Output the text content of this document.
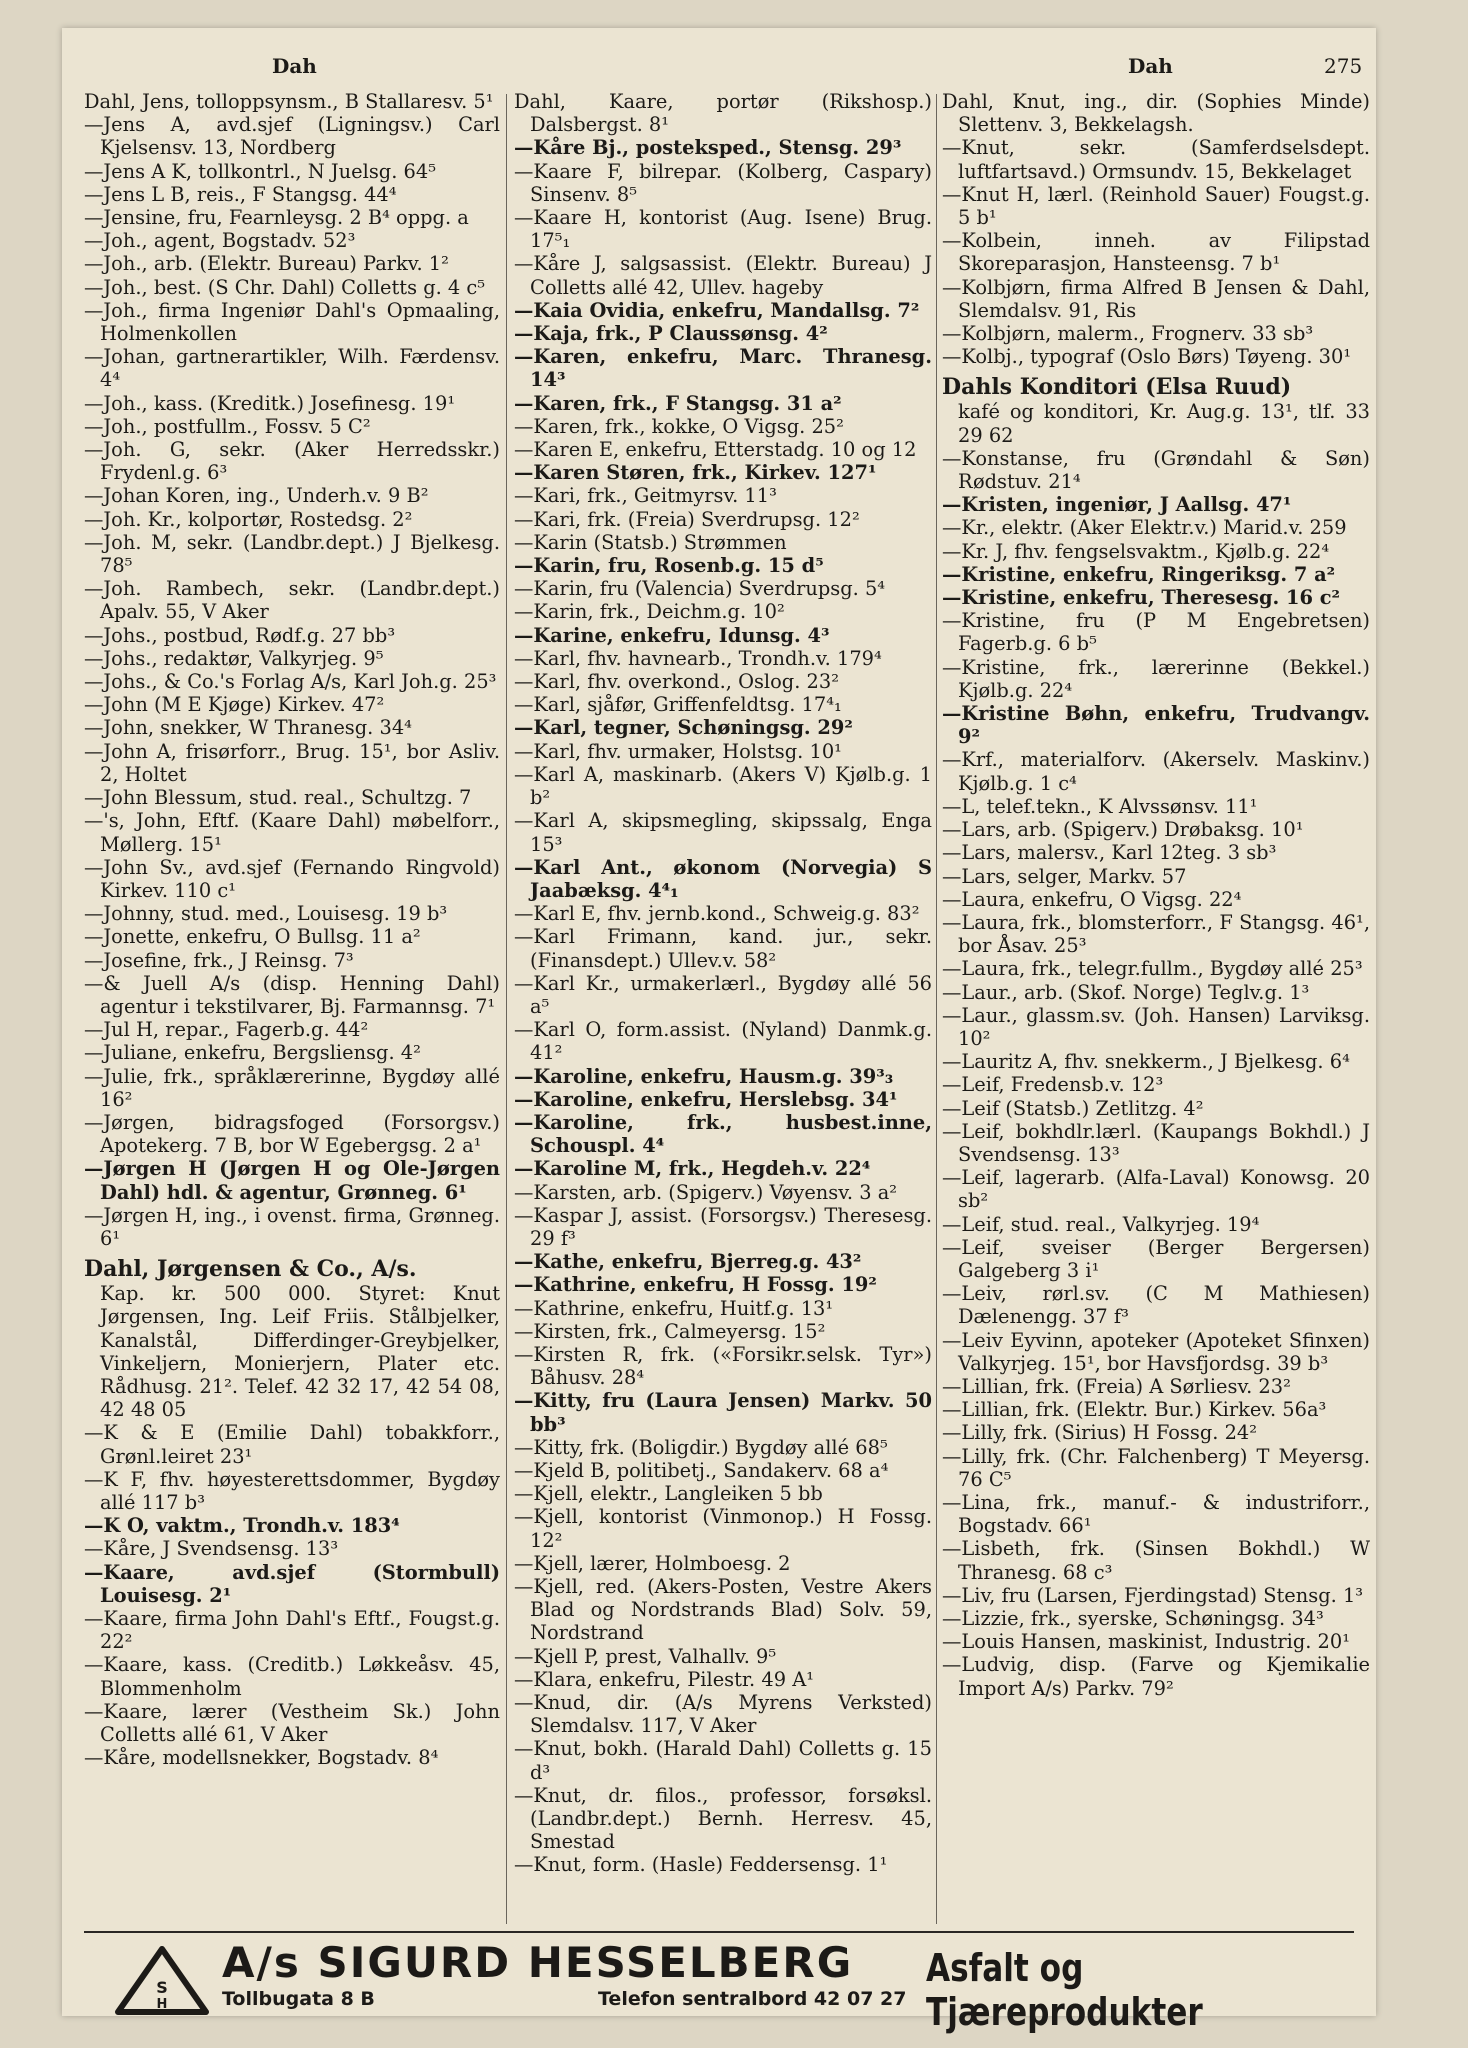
Dah	Dah	275
Dahl, Jens, tolloppsynsm., B Stallaresv. 5¹
—Jens A, avd.sjef (Ligningsv.) Carl Kjelsensv. 13, Nordberg
—Jens A K, tollkontrl., N Juelsg. 64⁵
—Jens L B, reis., F Stangsg. 44⁴
—Jensine, fru, Fearnleysg. 2 B⁴ oppg. a
—Joh., agent, Bogstadv. 52³
—Joh., arb. (Elektr. Bureau) Parkv. 1²
—Joh., best. (S Chr. Dahl) Colletts g. 4 c⁵
—Joh., firma Ingeniør Dahl's Opmaaling, Holmenkollen
—Johan, gartnerartikler, Wilh. Færdensv. 4⁴
—Joh., kass. (Kreditk.) Josefinesg. 19¹
—Joh., postfullm., Fossv. 5 C²
—Joh. G, sekr. (Aker Herredsskr.) Frydenl.g. 6³
—Johan Koren, ing., Underh.v. 9 B²
—Joh. Kr., kolportør, Rostedsg. 2²
—Joh. M, sekr. (Landbr.dept.) J Bjelkesg. 78⁵
—Joh. Rambech, sekr. (Landbr.dept.) Apalv. 55, V Aker
—Johs., postbud, Rødf.g. 27 bb³
—Johs., redaktør, Valkyrjeg. 9⁵
—Johs., & Co.'s Forlag A/s, Karl Joh.g. 25³
—John (M E Kjøge) Kirkev. 47²
—John, snekker, W Thranesg. 34⁴
—John A, frisørforr., Brug. 15¹, bor Asliv. 2, Holtet
—John Blessum, stud. real., Schultzg. 7
—'s, John, Eftf. (Kaare Dahl) møbelforr., Møllerg. 15¹
—John Sv., avd.sjef (Fernando Ringvold) Kirkev. 110 c¹
—Johnny, stud. med., Louisesg. 19 b³
—Jonette, enkefru, O Bullsg. 11 a²
—Josefine, frk., J Reinsg. 7³
—& Juell A/s (disp. Henning Dahl) agentur i tekstilvarer, Bj. Farmannsg. 7¹
—Jul H, repar., Fagerb.g. 44²
—Juliane, enkefru, Bergsliensg. 4²
—Julie, frk., språklærerinne, Bygdøy allé 16²
—Jørgen, bidragsfoged (Forsorgsv.) Apotekerg. 7 B, bor W Egebergsg. 2 a¹
—Jørgen H (Jørgen H og Ole-Jørgen Dahl) hdl. & agentur, Grønneg. 6¹
—Jørgen H, ing., i ovenst. firma, Grønneg. 6¹
Dahl, Jørgensen & Co., A/s.
Kap. kr. 500 000. Styret: Knut Jørgensen, Ing. Leif Friis. Stålbjelker, Kanalstål, Differdinger-Greybjelker, Vinkeljern, Monierjern, Plater etc. Rådhusg. 21². Telef. 42 32 17, 42 54 08, 42 48 05
—K & E (Emilie Dahl) tobakkforr., Grønl.leiret 23¹
—K F, fhv. høyesterettsdommer, Bygdøy allé 117 b³
—K O, vaktm., Trondh.v. 183⁴
—Kåre, J Svendsensg. 13³
—Kaare, avd.sjef (Stormbull) Louisesg. 2¹
—Kaare, firma John Dahl's Eftf., Fougst.g. 22²
—Kaare, kass. (Creditb.) Løkkeåsv. 45, Blommenholm
—Kaare, lærer (Vestheim Sk.) John Colletts allé 61, V Aker
—Kåre, modellsnekker, Bogstadv. 8⁴
Dahl, Kaare, portør (Rikshosp.) Dalsbergst. 8¹
—Kåre Bj., posteksped., Stensg. 29³
—Kaare F, bilrepar. (Kolberg, Caspary) Sinsenv. 8⁵
—Kaare H, kontorist (Aug. Isene) Brug. 17⁵₁
—Kåre J, salgsassist. (Elektr. Bureau) J Colletts allé 42, Ullev. hageby
—Kaia Ovidia, enkefru, Mandallsg. 7²
—Kaja, frk., P Claussønsg. 4²
—Karen, enkefru, Marc. Thranesg. 14³
—Karen, frk., F Stangsg. 31 a²
—Karen, frk., kokke, O Vigsg. 25²
—Karen E, enkefru, Etterstadg. 10 og 12
—Karen Støren, frk., Kirkev. 127¹
—Kari, frk., Geitmyrsv. 11³
—Kari, frk. (Freia) Sverdrupsg. 12²
—Karin (Statsb.) Strømmen
—Karin, fru, Rosenb.g. 15 d⁵
—Karin, fru (Valencia) Sverdrupsg. 5⁴
—Karin, frk., Deichm.g. 10²
—Karine, enkefru, Idunsg. 4³
—Karl, fhv. havnearb., Trondh.v. 179⁴
—Karl, fhv. overkond., Oslog. 23²
—Karl, sjåfør, Griffenfeldtsg. 17⁴₁
—Karl, tegner, Schøningsg. 29²
—Karl, fhv. urmaker, Holstsg. 10¹
—Karl A, maskinarb. (Akers V) Kjølb.g. 1 b²
—Karl A, skipsmegling, skipssalg, Enga 15³
—Karl Ant., økonom (Norvegia) S Jaabæksg. 4⁴₁
—Karl E, fhv. jernb.kond., Schweig.g. 83²
—Karl Frimann, kand. jur., sekr. (Finansdept.) Ullev.v. 58²
—Karl Kr., urmakerlærl., Bygdøy allé 56 a⁵
—Karl O, form.assist. (Nyland) Danmk.g. 41²
—Karoline, enkefru, Hausm.g. 39³₃
—Karoline, enkefru, Herslebsg. 34¹
—Karoline, frk., husbest.inne, Schouspl. 4⁴
—Karoline M, frk., Hegdeh.v. 22⁴
—Karsten, arb. (Spigerv.) Vøyensv. 3 a²
—Kaspar J, assist. (Forsorgsv.) Theresesg. 29 f³
—Kathe, enkefru, Bjerreg.g. 43²
—Kathrine, enkefru, H Fossg. 19²
—Kathrine, enkefru, Huitf.g. 13¹
—Kirsten, frk., Calmeyersg. 15²
—Kirsten R, frk. («Forsikr.selsk. Tyr») Båhusv. 28⁴
—Kitty, fru (Laura Jensen) Markv. 50 bb³
—Kitty, frk. (Boligdir.) Bygdøy allé 68⁵
—Kjeld B, politibetj., Sandakerv. 68 a⁴
—Kjell, elektr., Langleiken 5 bb
—Kjell, kontorist (Vinmonop.) H Fossg. 12²
—Kjell, lærer, Holmboesg. 2
—Kjell, red. (Akers-Posten, Vestre Akers Blad og Nordstrands Blad) Solv. 59, Nordstrand
—Kjell P, prest, Valhallv. 9⁵
—Klara, enkefru, Pilestr. 49 A¹
—Knud, dir. (A/s Myrens Verksted) Slemdalsv. 117, V Aker
—Knut, bokh. (Harald Dahl) Colletts g. 15 d³
—Knut, dr. filos., professor, forsøksl. (Landbr.dept.) Bernh. Herresv. 45, Smestad
—Knut, form. (Hasle) Feddersensg. 1¹
Dahl, Knut, ing., dir. (Sophies Minde) Slettenv. 3, Bekkelagsh.
—Knut, sekr. (Samferdselsdept. luftfartsavd.) Ormsundv. 15, Bekkelaget
—Knut H, lærl. (Reinhold Sauer) Fougst.g. 5 b¹
—Kolbein, inneh. av Filipstad Skoreparasjon, Hansteensg. 7 b¹
—Kolbjørn, firma Alfred B Jensen & Dahl, Slemdalsv. 91, Ris
—Kolbjørn, malerm., Frognerv. 33 sb³
—Kolbj., typograf (Oslo Børs) Tøyeng. 30¹
Dahls Konditori (Elsa Ruud)
kafé og konditori, Kr. Aug.g. 13¹, tlf. 33 29 62
—Konstanse, fru (Grøndahl & Søn) Rødstuv. 21⁴
—Kristen, ingeniør, J Aallsg. 47¹
—Kr., elektr. (Aker Elektr.v.) Marid.v. 259
—Kr. J, fhv. fengselsvaktm., Kjølb.g. 22⁴
—Kristine, enkefru, Ringeriksg. 7 a²
—Kristine, enkefru, Theresesg. 16 c²
—Kristine, fru (P M Engebretsen) Fagerb.g. 6 b⁵
—Kristine, frk., lærerinne (Bekkel.) Kjølb.g. 22⁴
—Kristine Bøhn, enkefru, Trudvangv. 9²
—Krf., materialforv. (Akerselv. Maskinv.) Kjølb.g. 1 c⁴
—L, telef.tekn., K Alvssønsv. 11¹
—Lars, arb. (Spigerv.) Drøbaksg. 10¹
—Lars, malersv., Karl 12teg. 3 sb³
—Lars, selger, Markv. 57
—Laura, enkefru, O Vigsg. 22⁴
—Laura, frk., blomsterforr., F Stangsg. 46¹, bor Åsav. 25³
—Laura, frk., telegr.fullm., Bygdøy allé 25³
—Laur., arb. (Skof. Norge) Teglv.g. 1³
—Laur., glassm.sv. (Joh. Hansen) Larviksg. 10²
—Lauritz A, fhv. snekkerm., J Bjelkesg. 6⁴
—Leif, Fredensb.v. 12³
—Leif (Statsb.) Zetlitzg. 4²
—Leif, bokhdlr.lærl. (Kaupangs Bokhdl.) J Svendsensg. 13³
—Leif, lagerarb. (Alfa-Laval) Konowsg. 20 sb²
—Leif, stud. real., Valkyrjeg. 19⁴
—Leif, sveiser (Berger Bergersen) Galgeberg 3 i¹
—Leiv, rørl.sv. (C M Mathiesen) Dælenengg. 37 f³
—Leiv Eyvinn, apoteker (Apoteket Sfinxen) Valkyrjeg. 15¹, bor Havsfjordsg. 39 b³
—Lillian, frk. (Freia) A Sørliesv. 23²
—Lillian, frk. (Elektr. Bur.) Kirkev. 56a³
—Lilly, frk. (Sirius) H Fossg. 24²
—Lilly, frk. (Chr. Falchenberg) T Meyersg. 76 C⁵
—Lina, frk., manuf.- & industriforr., Bogstadv. 66¹
—Lisbeth, frk. (Sinsen Bokhdl.) W Thranesg. 68 c³
—Liv, fru (Larsen, Fjerdingstad) Stensg. 1³
—Lizzie, frk., syerske, Schøningsg. 34³
—Louis Hansen, maskinist, Industrig. 20¹
—Ludvig, disp. (Farve og Kjemikalie Import A/s) Parkv. 79²
S
H
A/s SIGURD HESSELBERG
Tollbugata 8 B	Telefon sentralbord 42 07 27
Asfalt og Tjæreprodukter
